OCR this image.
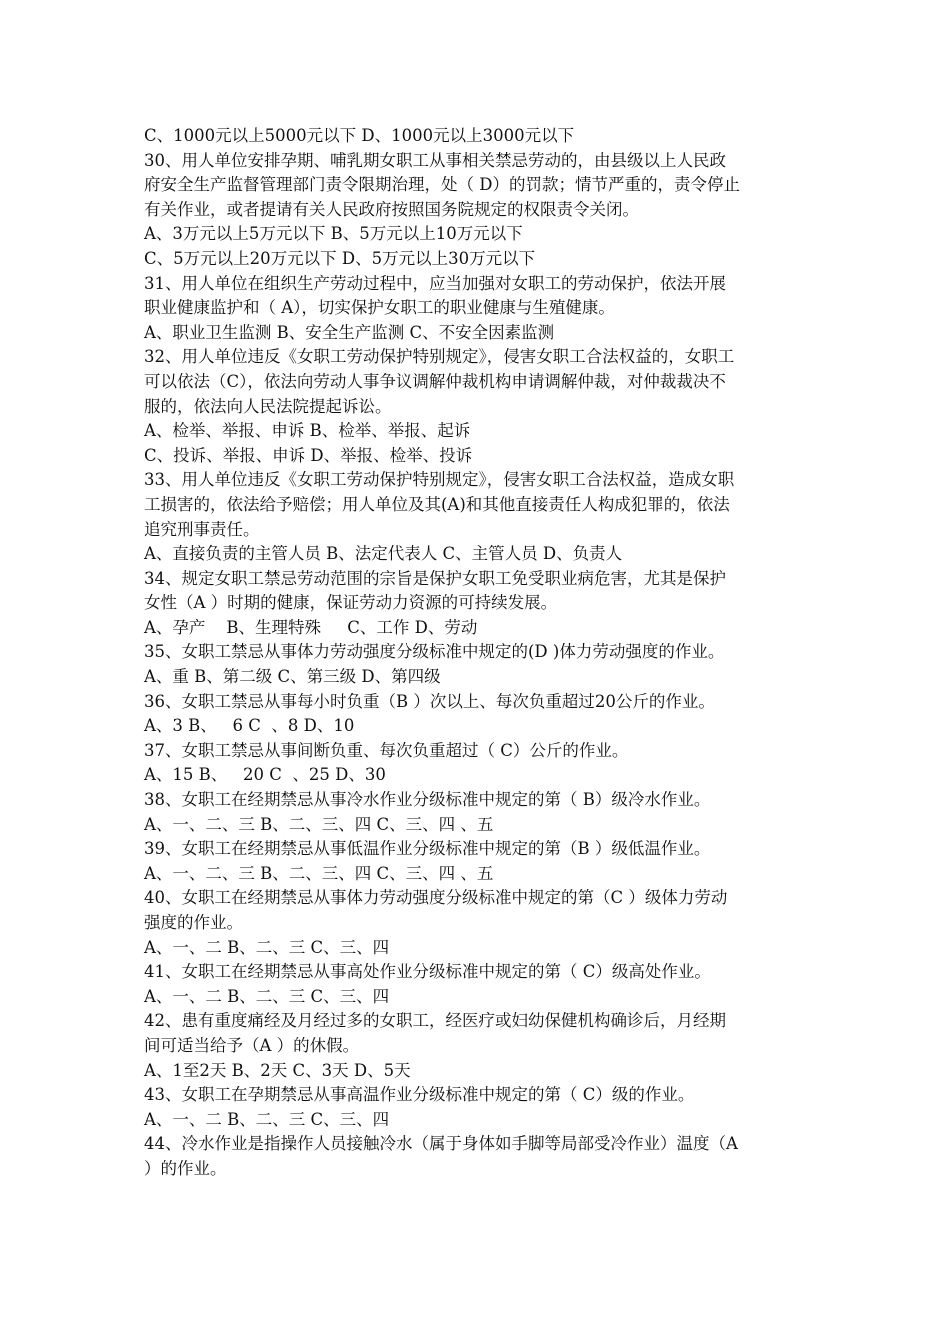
C、1000元以上5000元以下 D、1000元以上3000元以下
30、用人单位安排孕期、哺乳期女职工从事相关禁忌劳动的，由县级以上人民政
府安全生产监督管理部门责令限期治理，处（ D）的罚款；情节严重的，责令停止
有关作业，或者提请有关人民政府按照国务院规定的权限责令关闭。
A、3万元以上5万元以下 B、5万元以上10万元以下
C、5万元以上20万元以下 D、5万元以上30万元以下
31、用人单位在组织生产劳动过程中，应当加强对女职工的劳动保护，依法开展
职业健康监护和（ A），切实保护女职工的职业健康与生殖健康。
A、职业卫生监测 B、安全生产监测 C、不安全因素监测
32、用人单位违反《女职工劳动保护特别规定》，侵害女职工合法权益的，女职工
可以依法（C），依法向劳动人事争议调解仲裁机构申请调解仲裁，对仲裁裁决不
服的，依法向人民法院提起诉讼。
A、检举、举报、申诉 B、检举、举报、起诉
C、投诉、举报、申诉 D、举报、检举、投诉
33、用人单位违反《女职工劳动保护特别规定》，侵害女职工合法权益，造成女职
工损害的，依法给予赔偿；用人单位及其(A)和其他直接责任人构成犯罪的，依法
追究刑事责任。
A、直接负责的主管人员 B、法定代表人 C、主管人员 D、负责人
34、规定女职工禁忌劳动范围的宗旨是保护女职工免受职业病危害，尤其是保护
女性（A ）时期的健康，保证劳动力资源的可持续发展。
A、孕产    B、生理特殊     C、工作 D、劳动
35、女职工禁忌从事体力劳动强度分级标准中规定的(D )体力劳动强度的作业。
A、重 B、第二级 C、第三级 D、第四级
36、女职工禁忌从事每小时负重（B ）次以上、每次负重超过20公斤的作业。
A、3 B、   6 C  、8 D、10
37、女职工禁忌从事间断负重、每次负重超过（ C）公斤的作业。
A、15 B、   20 C  、25 D、30
38、女职工在经期禁忌从事冷水作业分级标准中规定的第（ B）级冷水作业。
A、一、二、三 B、二、三、四 C、三、四 、五
39、女职工在经期禁忌从事低温作业分级标准中规定的第（B ）级低温作业。
A、一、二、三 B、二、三、四 C、三、四 、五
40、女职工在经期禁忌从事体力劳动强度分级标准中规定的第（C ）级体力劳动
强度的作业。
A、一、二 B、二、三 C、三、四
41、女职工在经期禁忌从事高处作业分级标准中规定的第（ C）级高处作业。
A、一、二 B、二、三 C、三、四
42、患有重度痛经及月经过多的女职工，经医疗或妇幼保健机构确诊后，月经期
间可适当给予（A ）的休假。
A、1至2天 B、2天 C、3天 D、5天
43、女职工在孕期禁忌从事高温作业分级标准中规定的第（ C）级的作业。
A、一、二 B、二、三 C、三、四
44、冷水作业是指操作人员接触冷水（属于身体如手脚等局部受冷作业）温度（A
）的作业。
